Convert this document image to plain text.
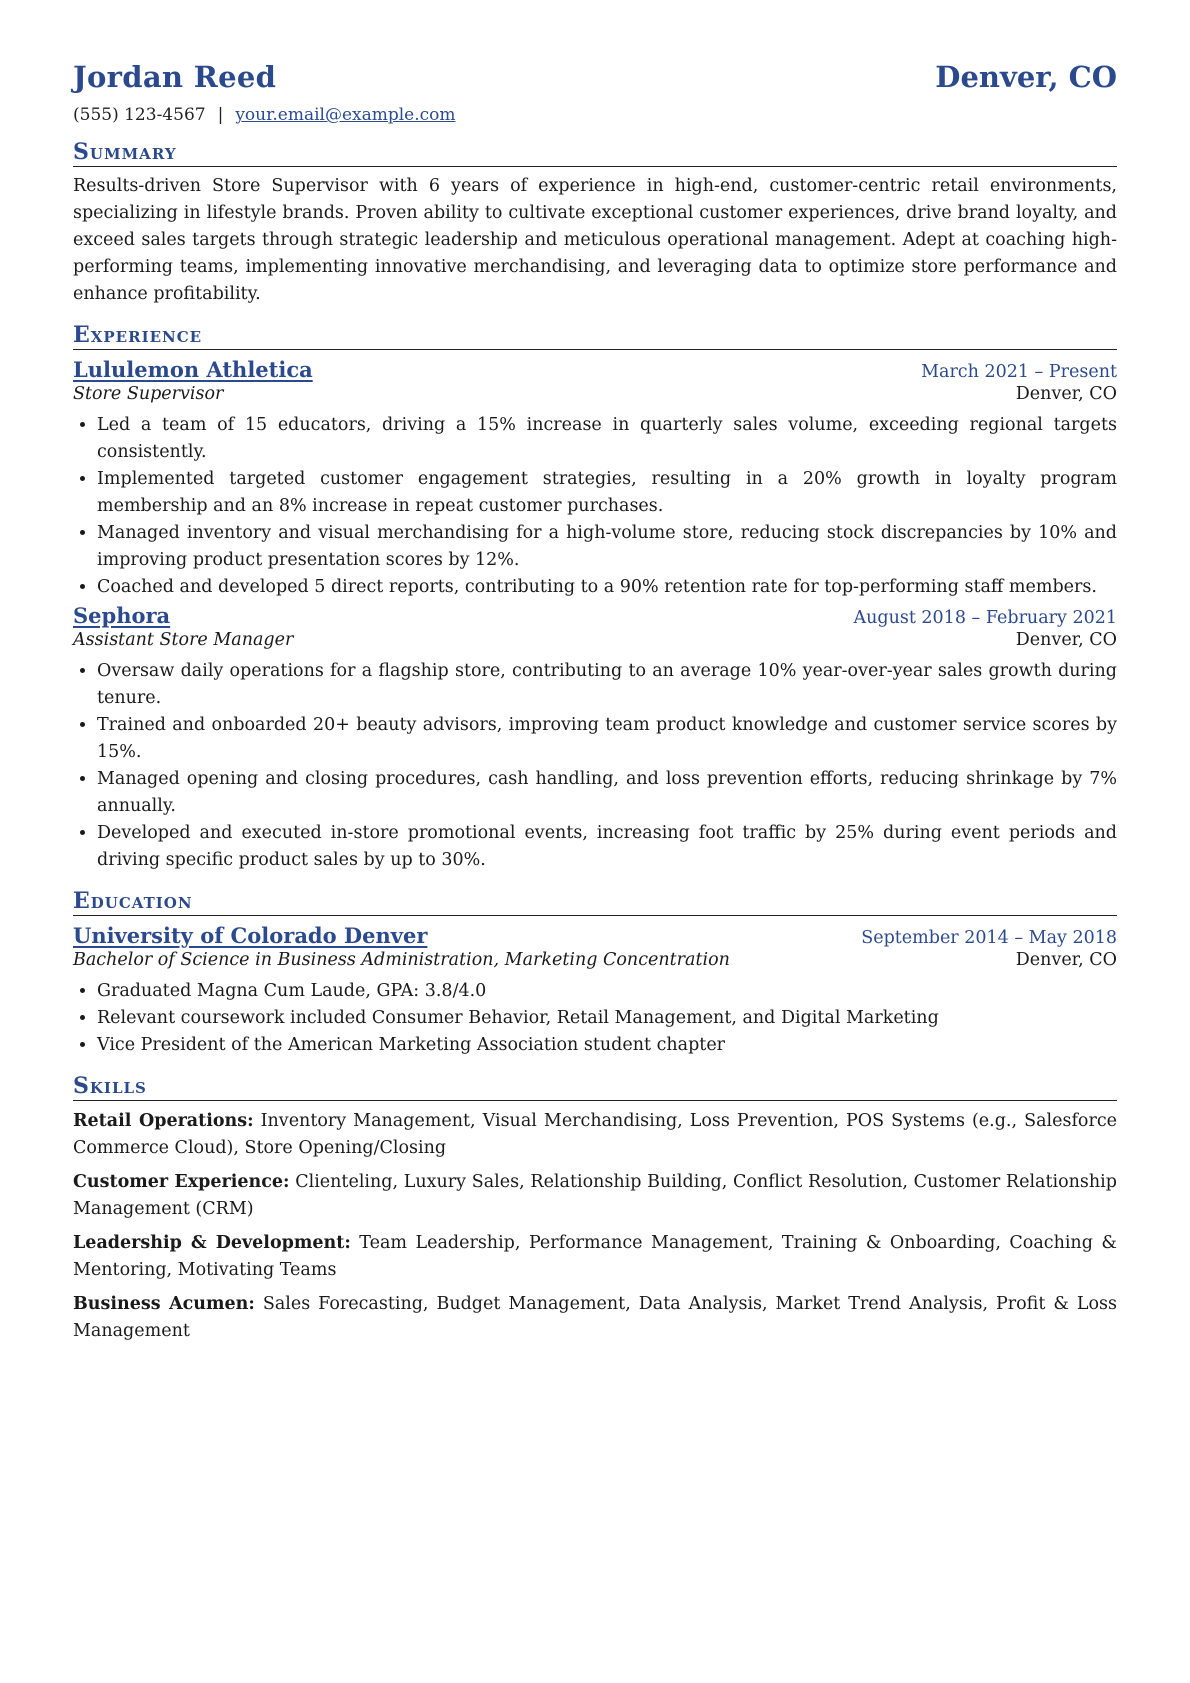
Jordan Reed	Denver, CO
(555) 123-4567 | your.email@example.com
Summary
Results-driven Store Supervisor with 6 years of experience in high-end, customer-centric retail environments, specializing in lifestyle brands. Proven ability to cultivate exceptional customer experiences, drive brand loyalty, and exceed sales targets through strategic leadership and meticulous operational management. Adept at coaching high-performing teams, implementing innovative merchandising, and leveraging data to optimize store performance and enhance profitability.
Experience
Lululemon Athletica	March 2021 – Present
Store Supervisor	Denver, CO
• Led a team of 15 educators, driving a 15% increase in quarterly sales volume, exceeding regional targets consistently.
• Implemented targeted customer engagement strategies, resulting in a 20% growth in loyalty program membership and an 8% increase in repeat customer purchases.
• Managed inventory and visual merchandising for a high-volume store, reducing stock discrepancies by 10% and improving product presentation scores by 12%.
• Coached and developed 5 direct reports, contributing to a 90% retention rate for top-performing staff members.
Sephora	August 2018 – February 2021
Assistant Store Manager	Denver, CO
• Oversaw daily operations for a flagship store, contributing to an average 10% year-over-year sales growth during tenure.
• Trained and onboarded 20+ beauty advisors, improving team product knowledge and customer service scores by 15%.
• Managed opening and closing procedures, cash handling, and loss prevention efforts, reducing shrinkage by 7% annually.
• Developed and executed in-store promotional events, increasing foot traffic by 25% during event periods and driving specific product sales by up to 30%.
Education
University of Colorado Denver	September 2014 – May 2018
Bachelor of Science in Business Administration, Marketing Concentration	Denver, CO
• Graduated Magna Cum Laude, GPA: 3.8/4.0
• Relevant coursework included Consumer Behavior, Retail Management, and Digital Marketing
• Vice President of the American Marketing Association student chapter
Skills
Retail Operations: Inventory Management, Visual Merchandising, Loss Prevention, POS Systems (e.g., Salesforce Commerce Cloud), Store Opening/Closing
Customer Experience: Clienteling, Luxury Sales, Relationship Building, Conflict Resolution, Customer Relationship Management (CRM)
Leadership & Development: Team Leadership, Performance Management, Training & Onboarding, Coaching & Mentoring, Motivating Teams
Business Acumen: Sales Forecasting, Budget Management, Data Analysis, Market Trend Analysis, Profit & Loss Management
